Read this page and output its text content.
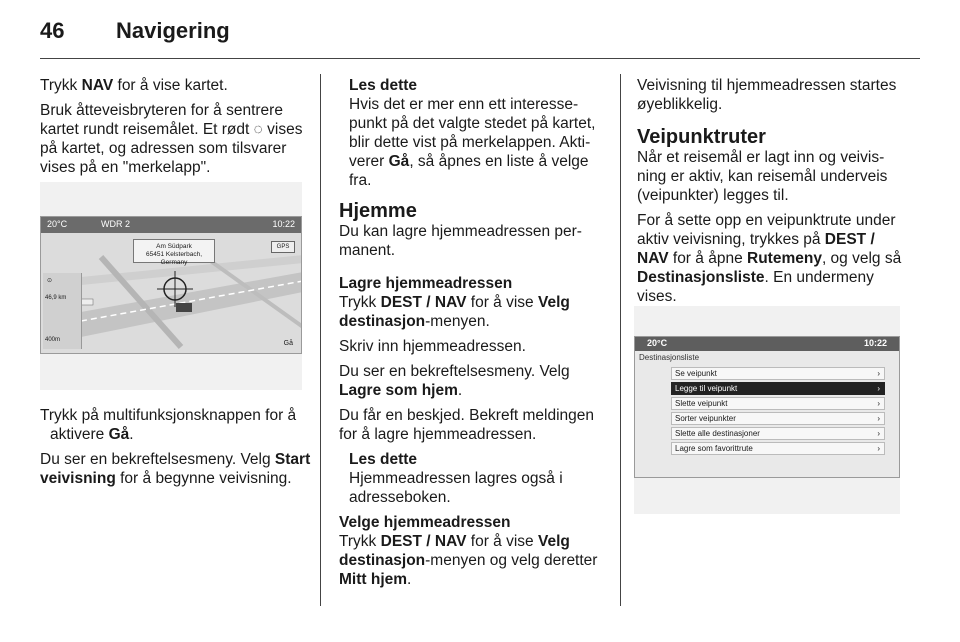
46 Navigering

Trykk NAV for å vise kartet.

Bruk åtteveisbryteren for å sentrere kartet rundt reisemålet. Et rødt ◌ vises på kartet, og adressen som tilsvarer vises på en "merkelapp".

20°C	WDR 2	10:22
Am Südpark
65451 Kelsterbach, Germany
GPS
⊙
46,9 km
400m	Gå

Trykk på multifunksjonsknappen for å aktivere Gå.

Du ser en bekreftelsesmeny. Velg Start veivisning for å begynne veivisning.

Les dette
Hvis det er mer enn ett interessepunkt på det valgte stedet på kartet, blir dette vist på merkelappen. Aktiverer Gå, så åpnes en liste å velge fra.
Hjemme

Du kan lagre hjemmeadressen permanent.

Lagre hjemmeadressen

Trykk DEST / NAV for å vise Velg destinasjon-menyen.

Skriv inn hjemmeadressen.

Du ser en bekreftelsesmeny. Velg Lagre som hjem.

Du får en beskjed. Bekreft meldingen for å lagre hjemmeadressen.

Les dette
Hjemmeadressen lagres også i adresseboken.

Velge hjemmeadressen

Trykk DEST / NAV for å vise Velg destinasjon-menyen og velg deretter Mitt hjem.

Veivisning til hjemmeadressen startes øyeblikkelig.

Veipunktruter

Når et reisemål er lagt inn og veivisning er aktiv, kan reisemål underveis (veipunkter) legges til.

For å sette opp en veipunktrute under aktiv veivisning, trykkes på DEST / NAV for å åpne Rutemeny, og velg så Destinasjonsliste. En undermeny vises.

20°C	10:22
Destinasjonsliste
Se veipunkt	›
Legge til veipunkt	›
Slette veipunkt	›
Sorter veipunkter	›
Slette alle destinasjoner	›
Lagre som favorittrute	›
